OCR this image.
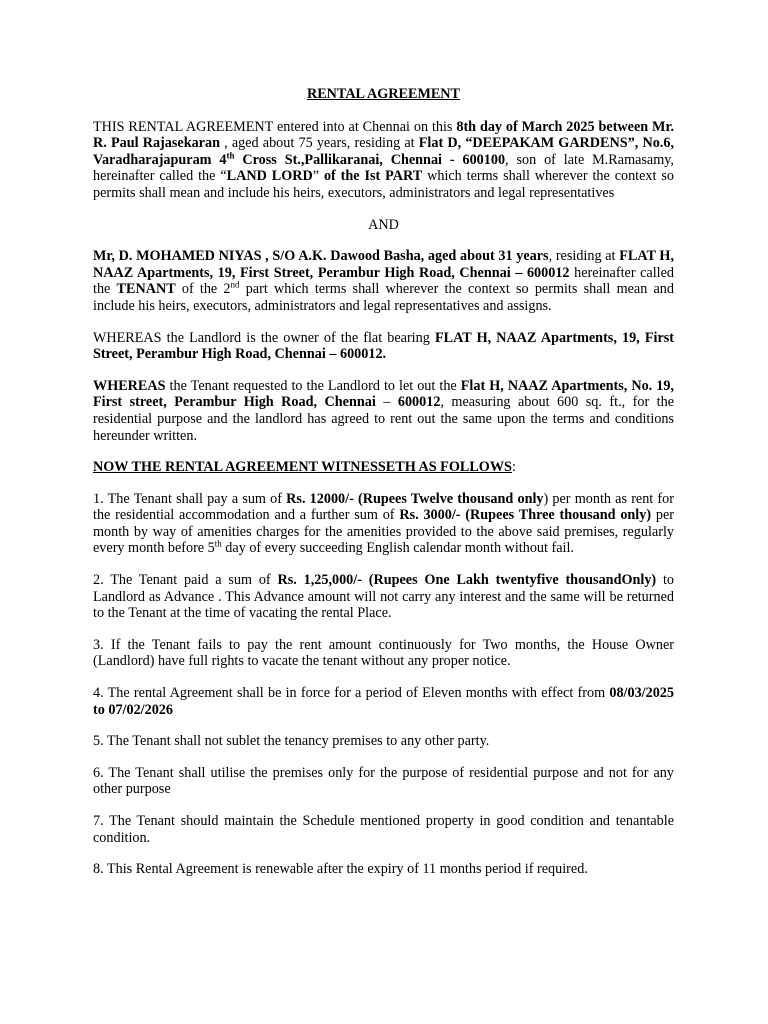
RENTAL AGREEMENT

THIS RENTAL AGREEMENT entered into at Chennai on this 8th day of March 2025 between Mr. R. Paul Rajasekaran , aged about 75 years, residing at Flat D, “DEEPAKAM GARDENS”, No.6, Varadharajapuram 4th Cross St.,Pallikaranai, Chennai - 600100, son of late M.Ramasamy, hereinafter called the “LAND LORD” of the Ist PART which terms shall wherever the context so permits shall mean and include his heirs, executors, administrators and legal representatives

AND

Mr, D. MOHAMED NIYAS , S/O A.K. Dawood Basha, aged about 31 years, residing at FLAT H, NAAZ Apartments, 19, First Street, Perambur High Road, Chennai – 600012 hereinafter called the TENANT of the 2nd part which terms shall wherever the context so permits shall mean and include his heirs, executors, administrators and legal representatives and assigns.

WHEREAS the Landlord is the owner of the flat bearing FLAT H, NAAZ Apartments, 19, First Street, Perambur High Road, Chennai – 600012.

WHEREAS the Tenant requested to the Landlord to let out the Flat H, NAAZ Apartments, No. 19, First street, Perambur High Road, Chennai – 600012, measuring about 600 sq. ft., for the residential purpose and the landlord has agreed to rent out the same upon the terms and conditions hereunder written.

NOW THE RENTAL AGREEMENT WITNESSETH AS FOLLOWS:

1. The Tenant shall pay a sum of Rs. 12000/- (Rupees Twelve thousand only) per month as rent for the residential accommodation and a further sum of Rs. 3000/- (Rupees Three thousand only) per month by way of amenities charges for the amenities provided to the above said premises, regularly every month before 5th day of every succeeding English calendar month without fail.

2. The Tenant paid a sum of Rs. 1,25,000/- (Rupees One Lakh twentyfive thousandOnly) to Landlord as Advance . This Advance amount will not carry any interest and the same will be returned to the Tenant at the time of vacating the rental Place.

3. If the Tenant fails to pay the rent amount continuously for Two months, the House Owner (Landlord) have full rights to vacate the tenant without any proper notice.

4. The rental Agreement shall be in force for a period of Eleven months with effect from 08/03/2025 to 07/02/2026

5. The Tenant shall not sublet the tenancy premises to any other party.

6. The Tenant shall utilise the premises only for the purpose of residential purpose and not for any other purpose

7. The Tenant should maintain the Schedule mentioned property in good condition and tenantable condition.

8. This Rental Agreement is renewable after the expiry of 11 months period if required.
